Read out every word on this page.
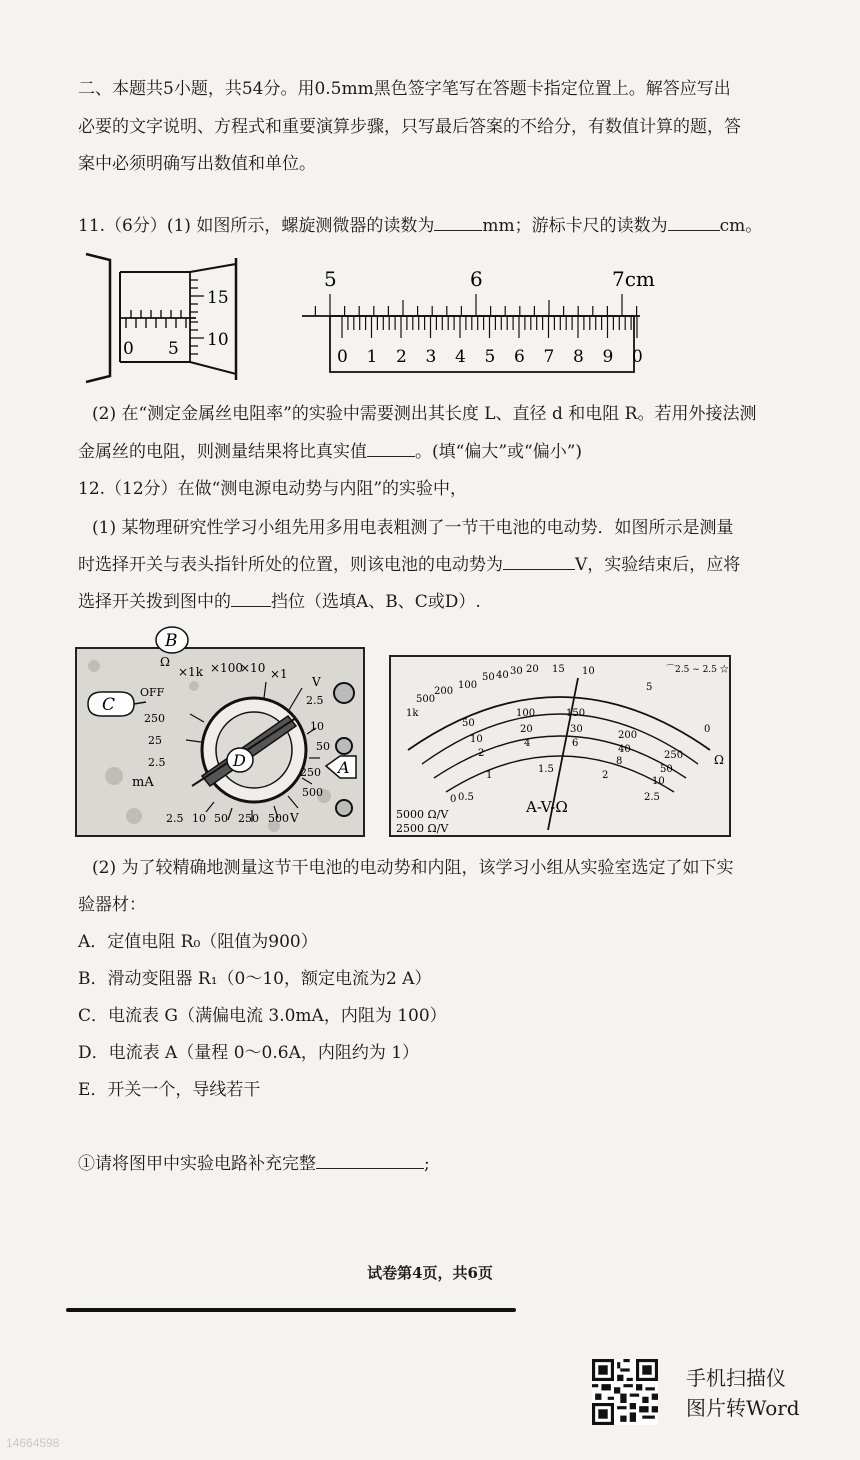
二、本题共5小题，共54分。用0.5mm黑色签字笔写在答题卡指定位置上。解答应写出
必要的文字说明、方程式和重要演算步骤，只写最后答案的不给分，有数值计算的题，答
案中必须明确写出数值和单位。
11.（6分）(1) 如图所示，螺旋测微器的读数为	mm；游标卡尺的读数为	cm。
0 5
15
10
5	6	7cm
0 1 2 3 4 5 6 7 8 9 0
(2) 在“测定金属丝电阻率”的实验中需要测出其长度 L、直径 d 和电阻 R。若用外接法测
金属丝的电阻，则测量结果将比真实值	。(填“偏大”或“偏小”)
12.（12分）在做“测电源电动势与内阻”的实验中，
(1) 某物理研究性学习小组先用多用电表粗测了一节干电池的电动势．如图所示是测量
时选择开关与表头指针所处的位置，则该电池的电动势为	V，实验结束后，应将
选择开关拨到图中的 挡位（选填A、B、C或D）.
B
C
D	A
Ω
×1k ×100
×10 ×1
OFF
250
25
2.5
mA
2.5
10
50
250
500
V
2.5 10 50 250 500 V
1k
500
200
100
50 40 30 20 15 10
5
0
Ω
⌒2.5 ∼ 2.5 ☆
50
100	150
200
250
10
20	30
40
50
2
4	6
8
10
0 0.5
1
1.5
2
2.5
A-V-Ω
5000 Ω/V
2500 Ω/V
(2) 为了较精确地测量这节干电池的电动势和内阻，该学习小组从实验室选定了如下实
验器材：
A．定值电阻 R₀（阻值为900）
B．滑动变阻器 R₁（0～10，额定电流为2 A）
C．电流表 G（满偏电流 3.0mA，内阻为 100）
D．电流表 A（量程 0～0.6A，内阻约为 1）
E．开关一个，导线若干
①请将图甲中实验电路补充完整	;
试卷第4页，共6页
手机扫描仪
图片转Word
14664598
